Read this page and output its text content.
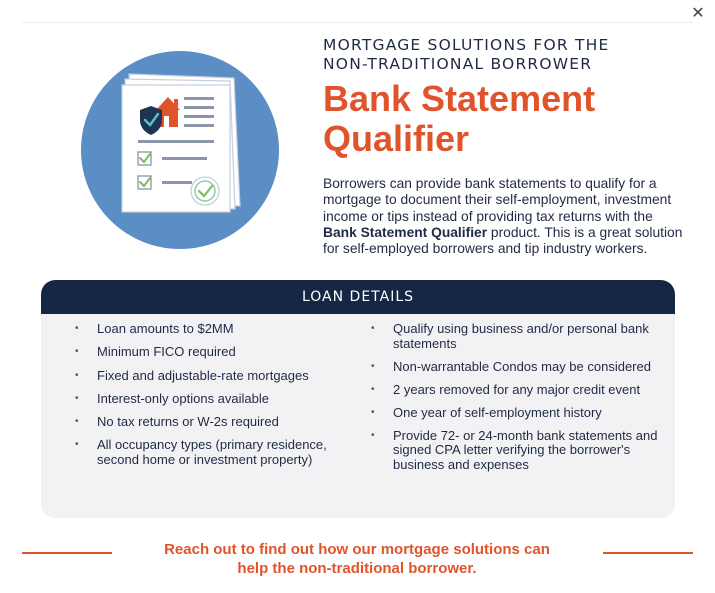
✕
MORTGAGE SOLUTIONS FOR THE
NON-TRADITIONAL BORROWER
Bank Statement
Qualifier

Borrowers can provide bank statements to qualify for a mortgage to document their self-employment, investment income or tips instead of providing tax returns with the Bank Statement Qualifier product. This is a great solution for self-employed borrowers and tip industry workers.

LOAN DETAILS
• Loan amounts to $2MM
• Minimum FICO required
• Fixed and adjustable-rate mortgages
• Interest-only options available
• No tax returns or W-2s required
• All occupancy types (primary residence, second home or investment property)
• Qualify using business and/or personal bank statements
• Non-warrantable Condos may be considered
• 2 years removed for any major credit event
• One year of self-employment history
• Provide 72- or 24-month bank statements and signed CPA letter verifying the borrower's business and expenses
Reach out to find out how our mortgage solutions can
help the non-traditional borrower.
